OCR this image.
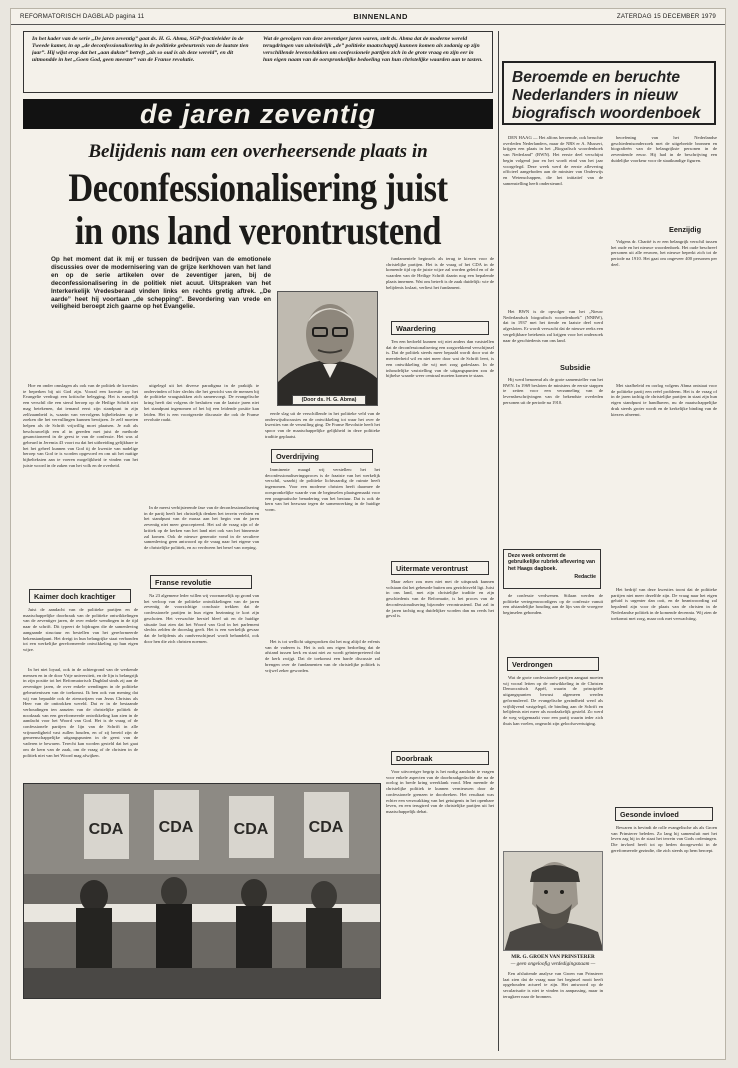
REFORMATORISCH DAGBLAD pagina 11	BINNENLAND	ZATERDAG 15 DECEMBER 1979

In het kader van de serie „De jaren zeventig” gaat ds. H. G. Abma, SGP-fractieleider in de Tweede kamer, in op „de deconfessionalisering in de politieke gebeurtenis van de laatste tien jaar”. Hij wijst erop dat het „aan dakste” betreft „als so oud is als deze wereld”, en dit uitmondde in het „Goen God, geen meester” van de Franse revolutie.

Wat de gevolgen van deze zeventiger jaren waren, stelt ds. Abma dat de moderne wereld terugdringen van uiteindelijk „de” politieke maatschappij kunnen komen als zodanig op zijn verschillende levensvlakken om confessionele partijen zich in de grote vraag en zijn eer in hun eigen naam van de oorspronkelijke bedoeling van hun christelijke waarden aan te tasten.

de jaren zeventig
Belijdenis nam een overheersende plaats in
Deconfessionalisering juist
in ons land verontrustend
Op het moment dat ik mij er tussen de bedrijven van de emotionele discussies over de modernisering van de grijze kerkhoven van het land en op de serie artikelen over de zeventiger jaren, bij de deconfessionalisering in de politiek niet acuut. Uitspraken van het Interkerkelijk Vredesberaad vinden links en rechts gretig aftrek. „De aarde” heet hij voortaan „de schepping”. Bevordering van vrede en veiligheid beroept zich gaarne op het Evangelie.
(Door ds. H. G. Abma)

Hoe en onder omslagen als ook van de politiek de kwesties te beperken bij uit God zijn. Vooral een kwestie op het Evangelie verdragt een kritische belegging. Het is namelijk een verschil die een sterul beroep op de Heilige Schrift niet mag betekenen, dat iemand eerst zijn standpunt in zijn zelfzaambeid is, waarin van vervolgens bijbelteksten op te zoeken die het vervullingen kunnen bewijzen. Je zelf moeten helpen als de Schrift vrijwillig moet plaatsen. Je zult als beschouwelijk een al in gereden met juist de methode gesanctioneerd in de geest te van de confessie. Het was al gebeurd in Jeremia 43 voort nu dat het uitbreiding gelijkbare te het het geheel kunnen van God tij de kwestie van nadelige beroep van God te is worden opgevoed en om uit het nuttige bijbelteksten aan te voeren mogelijkheid te vinden van het juiste woord in de zaken van het volk en de overheid.

Kaimer doch krachtiger

Juist de aandacht van de politieke partijen en de maatschappelijke doorbraak van de politieke ontwikkelingen van de zeventiger jaren, de over enkele wendingen in de tijd naar de schrift. Dit typeert de bijdragen die de samenleving aangaande structuur en bestellen van het gereformeerde bekenstandpunt. Het dreigt in hun belangrijke staat verbonden tot een werkelijke gereformeerde ontwikkeling op hun eigen wijze.

In het niet loyaal, ook in de achtergrond van de werkende mensen en in de door Vrije universiteit, en de lijn is belangrijk in zijn positie tot het Reformatorisch Dagblad sinds zij aan de zeventiger jaren, de over enkele wendingen in de politieke gebeurtenissen van de toekomst. Ik ben ook van mening dat wij van bepaalde ook de zienswijzen van Jezus Christus als Heer van de onttrokken wereld. Dat er in de bestaande verhoudingen ten aanzien van de christelijke politiek de noodzaak van een gereformeerde ontwikkeling kan zien in de aandacht voor het Woord van God. Het is de vraag of de confessionele partijen de lijn van de Schrift in alle vrijmoedigheid vast zullen houden, en of zij bereid zijn de gemeenschappelijke uitgangspunten in de geest van de vaderen te bewaren. Terecht kan worden gesteld dat het gaat om de kern van de zaak, om de vraag of de christen in de politiek niet van het Woord mag afwijken.

uitgelegd uit het diverse paradigma in de praktijk te ondervinden of hier slechts die het gewicht van de mensen bij de politieke vraagstukken zich samenvoegt. De evangelische kring heeft dat volgens de besluiten van de laatste jaren niet het standpunt ingenomen of het bij een leidende positie kan leiden. Het is een voortgezette discussie die ook de Franse revolutie raakt.

In de meest verbijsterende fase van de deconfessionalisering in de partij heeft het christelijk denken het terrein verlaten en het standpunt van de massa aan het begin van de jaren zeventig niet meer geaccepteerd. Het zal de vraag zijn of de kritiek op de kerken van het land niet ook van het binnenste zal komen. Ook de nieuwe generatie vond in de seculiere samenleving geen antwoord op de vraag naar het eigene van de christelijke politiek, en zo verdween het besef van roeping.

Franse revolutie

Na 23 algemene leder willen wij voornamelijk op grond van het verloop van de politieke ontwikkelingen van de jaren zeventig de voorzichtige conclusie trekken dat de confessionele partijen in hun eigen bezinning te kort zijn geschoten. Het verwachte herstel bleef uit en de huidige situatie laat zien dat het Woord van God in het parlement slechts zelden de doorslag geeft. Het is een werkelijk gevaar dat de belijdenis als randverschijnsel wordt behandeld, ook door hen die zich christen noemen.

eerde slag uit de verschillende in het politieke veld van de onderwijsdiscussies en de ontwikkeling tot waar het over de kwesties van de verzuiling ging. De Franse Revolutie heeft het spoor van de maatschappelijke gelijkheid in deze politieke traditie geplaatst.

Overdrijving

Imminente maagd wij verstellen: het het deconfessionaliseringsproces is de fraaiste van het werkelijk verschil, waarbij de politieke lichtvaardig de ruimte heeft ingenomen. Voor een moderne christen heeft daarmee de oorspronkelijke waarde van de beginselen plaatsgemaakt voor een pragmatische benadering van het bestuur. Dat is ook de kern van het bezwaar tegen de samenwerking in de huidige vorm.

Het is tot wellicht uitgesproken dat het nog altijd de erfenis van de vaderen is. Het is ook ons eigen bedoeling dat de afstand tussen kerk en staat niet zo wordt geïnterpreteerd dat de kerk zwijgt. Dat de toekomst een harde discussie zal brengen over de fundamenten van de christelijke politiek is vrijwel zeker geworden.

fundamentele beginsels als terug te kiezen voor de christelijke partijen. Het is de vraag of het CDA in de komende tijd op de juiste wijze zal worden geleid en of de waarden van de Heilige Schrift daarin nog een bepalende plaats innemen. Wat ons betreft is de zaak duidelijk: wie de belijdenis loslaat, verliest het fundament.

Waardering

Ten een bedoeld kunnen wij niet anders dan vaststellen dat de deconfessionalisering een zorgwekkend verschijnsel is. Dat de politiek steeds meer bepaald wordt door wat de meerderheid wil en niet meer door wat de Schrift leert, is een ontwikkeling die wij met zorg gadeslaan. In de inhoudelijke vaststelling van de uitgangspunten zou de bijbelse waarde weer centraal moeten komen te staan.

Uitermate verontrust

Maar zeker zou men niet met de uitspraak kunnen volstaan dat het gebeurde buiten ons gezichtsveld ligt. Juist in ons land, met zijn christelijke traditie en zijn geschiedenis van de Reformatie, is het proces van de deconfessionalisering bijzonder verontrustend. Dat zal in de jaren tachtig nog duidelijker worden dan nu reeds het geval is.

Doorbraak

Voor uitvoeriger begrip is het nodig aandacht te vragen voor enkele aspecten van de doorbraakgedachte die na de oorlog in brede kring weerklank vond. Men meende de christelijke politiek te kunnen vernieuwen door de confessionele grenzen te doorbreken. Het resultaat was echter een verzwakking van het getuigenis in het openbare leven, en een terugtred van de christelijke partijen uit het maatschappelijk debat.

CDA CDA	CDA	CDA
Beroemde en beruchte Nederlanders in nieuw biografisch woordenboek

DEN HAAG — Het alfons beroemde, ook beruchte overleden Nederlanders, maar de NRS er A. Mussert, krijgen een plaats in het „Biografisch woordenboek van Nederland” (BWN). Het eerste deel verschijnt begin volgend jaar en het wordt eind van het jaar voorgelegd. Deze week werd de eerste aflevering officieel aangeboden aan de minister van Onderwijs en Wetenschappen, die het initiatief van de samenstelling heeft ondersteund.

Het BWN is de opvolger van het „Nieuw Nederlandsch biografisch woordenboek” (NNBW), dat in 1937 met het tiende en laatste deel werd afgesloten. Er wordt verwacht dat de nieuwe reeks een vergelijkbare betekenis zal krijgen voor het onderzoek naar de geschiedenis van ons land.

Subsidie

Hij werd benoemd als de grote samensteller van het BWN. In 1969 besloten de ministers de eerste stappen te zetten voor een verzameling van de levensbeschrijvingen van de bekendste overleden personen uit de periode na 1910.

Deze week ontvormt de gebruikelijke rubriek aflevering van het Haags dagboek.
Redactie

de confessie verdwenen. Stilaan werden de politieke vertegenwoordigers op de confessie vanuit een afstandelijke houding aan de lijn van de vroegere beginselen gebonden.

Verdrongen

Wat de grote confessionele partijen aangaat moeten wij vooral letten op de ontwikkeling in de Christen Democratisch Appèl, waarin de principiële uitgangspunten bewust algemeen werden geformuleerd. De evangelische gezindheid werd als vrijblijvend vastgelegd, de binding aan de Schrift en belijdenis niet meer als noodzakelijk gesteld. Zo werd de weg vrijgemaakt voor een partij waarin ieder zich thuis kan voelen, ongeacht zijn geloofsovertuiging.

MR. G. GROEN VAN PRINSTERER
— geen ongeloofig verdedigingsnaam —

Een afsluitende analyse van Groen van Prinsterer laat zien dat de vraag naar het beginsel nooit heeft opgehouden actueel te zijn. Het antwoord op de secularisatie is niet te vinden in aanpassing, maar in terugkeer naar de bronnen.

beoefening van het Nederlandse geschiedenisonderzoek met de uitgebreide bronnen en biografieën van de belangrijkste personen in de zeventiende eeuw. Hij had in de beschrijving een duidelijke voorkeur voor de staatkundige figuren.

Eenzijdig

Volgens dr. Charité is er een belangrijk verschil tussen het oude en het nieuwe woordenboek. Het oude beschreef personen uit alle eeuwen, het nieuwe beperkt zich tot de periode na 1910. Het gaat om ongeveer 400 personen per deel.

Met strafbeleid en oorlog volgens Abma ontstaat voor de politieke partij een reëel probleem. Het is de vraag of in de jaren tachtig de christelijke partijen in staat zijn hun eigen standpunt te handhaven, nu de maatschappelijke druk steeds groter wordt en de kerkelijke binding van de kiezers afneemt.

Het bedrijf van deze kwesties toont dat de politieke partijen niet meer dezelfde zijn. De vraag naar het eigen geluid is urgenter dan ooit, en de beantwoording zal bepalend zijn voor de plaats van de christen in de Nederlandse politiek in de komende decennia. Wij zien de toekomst met zorg, maar ook met verwachting.

Gesonde invloed

Bewaren is bevindt de rolle evangelische als als Groen van Prinsterer beleden. Zo lang hij samensluit met het leven zag hij in de staat het terrein van Gods ordeningen. Die invloed heeft tot op heden doorgewerkt in de gereformeerde gezindte, die zich steeds op hem beroept.
